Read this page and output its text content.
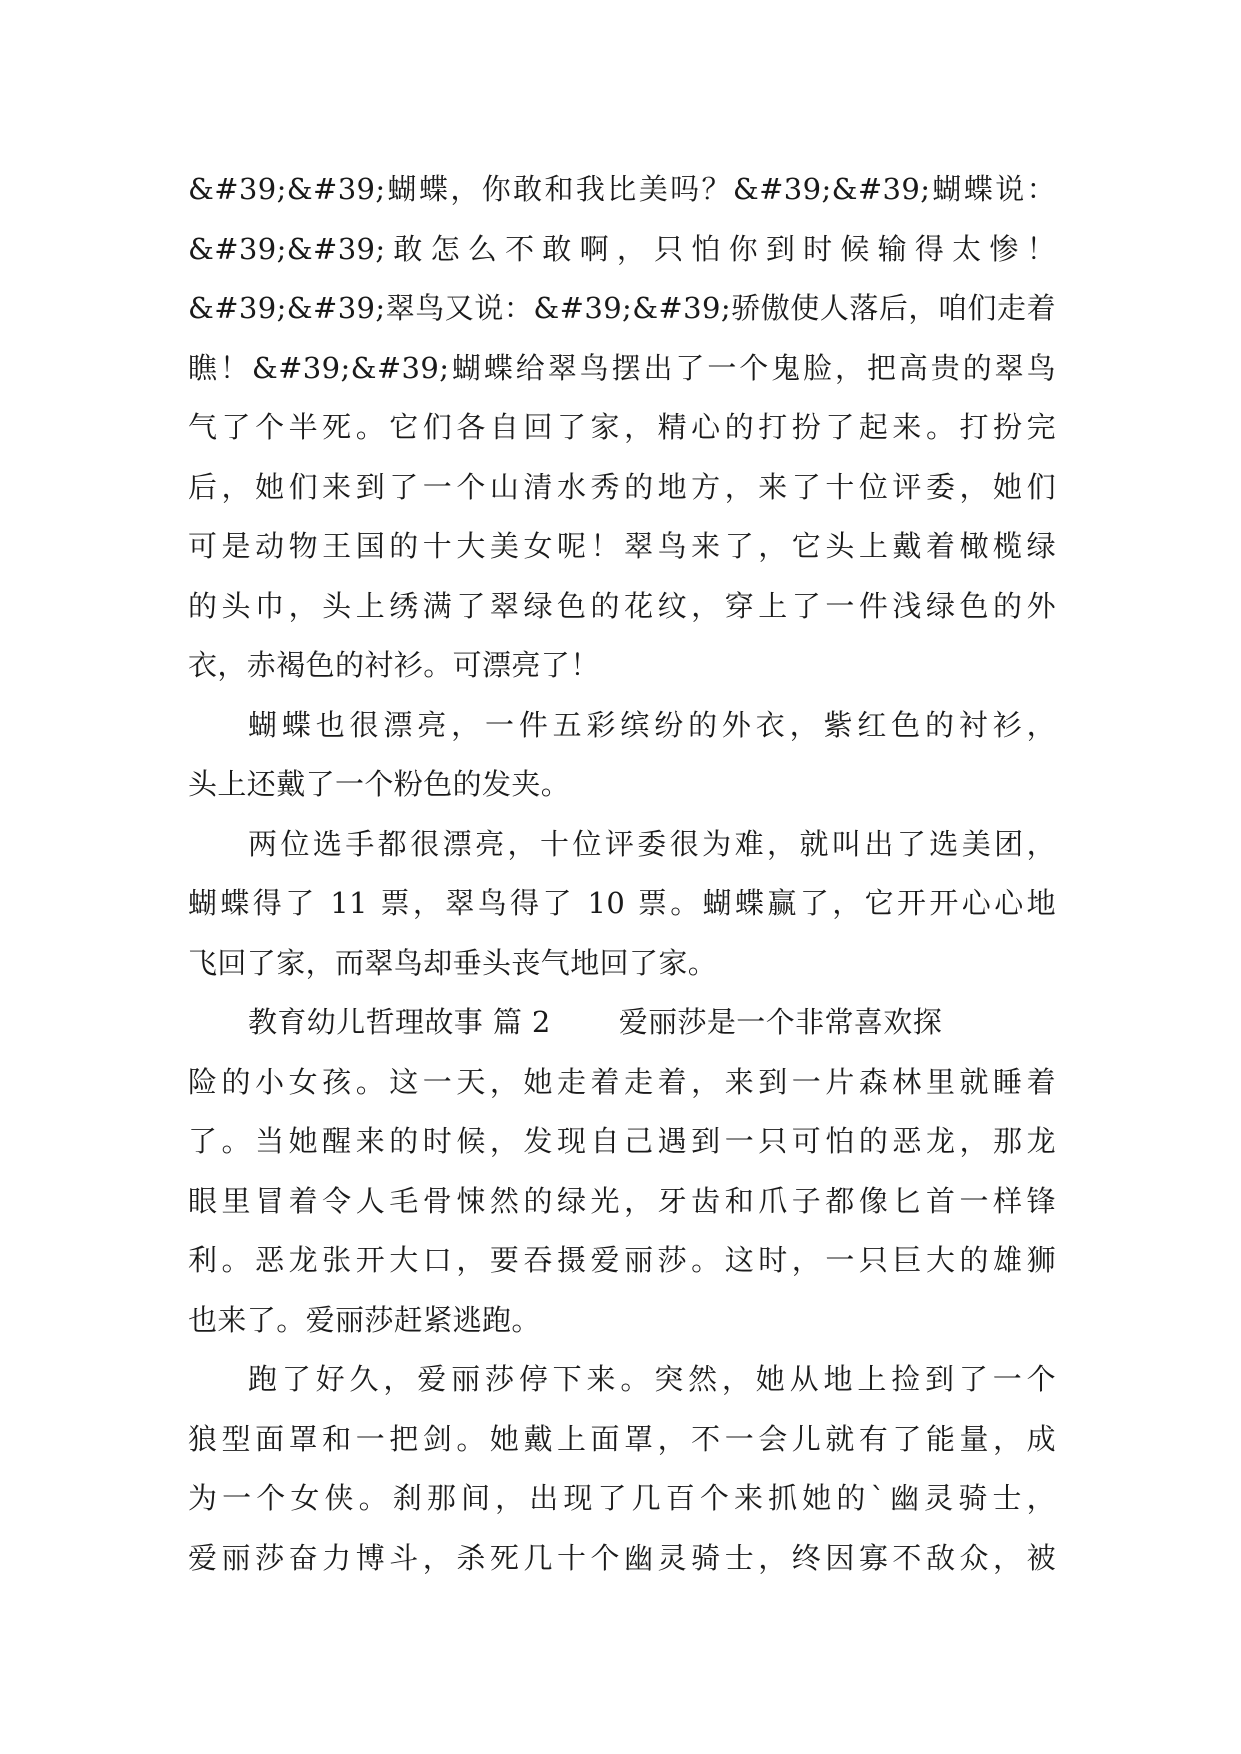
&#39;&#39;蝴蝶，你敢和我比美吗？&#39;&#39;蝴蝶说：
&#39;&#39;敢怎么不敢啊，只怕你到时候输得太惨！
&#39;&#39;翠鸟又说：&#39;&#39;骄傲使人落后，咱们走着
瞧！&#39;&#39;蝴蝶给翠鸟摆出了一个鬼脸，把高贵的翠鸟
气了个半死。它们各自回了家，精心的打扮了起来。打扮完
后，她们来到了一个山清水秀的地方，来了十位评委，她们
可是动物王国的十大美女呢！翠鸟来了，它头上戴着橄榄绿
的头巾，头上绣满了翠绿色的花纹，穿上了一件浅绿色的外
衣，赤褐色的衬衫。可漂亮了！
蝴蝶也很漂亮，一件五彩缤纷的外衣，紫红色的衬衫，
头上还戴了一个粉色的发夹。
两位选手都很漂亮，十位评委很为难，就叫出了选美团，
蝴蝶得了 11 票，翠鸟得了 10 票。蝴蝶赢了，它开开心心地
飞回了家，而翠鸟却垂头丧气地回了家。
教育幼儿哲理故事 篇 2 爱丽莎是一个非常喜欢探
险的小女孩。这一天，她走着走着，来到一片森林里就睡着
了。当她醒来的时候，发现自己遇到一只可怕的恶龙，那龙
眼里冒着令人毛骨悚然的绿光，牙齿和爪子都像匕首一样锋
利。恶龙张开大口，要吞摄爱丽莎。这时，一只巨大的雄狮
也来了。爱丽莎赶紧逃跑。
跑了好久，爱丽莎停下来。突然，她从地上捡到了一个
狼型面罩和一把剑。她戴上面罩，不一会儿就有了能量，成
为一个女侠。刹那间，出现了几百个来抓她的`幽灵骑士，
爱丽莎奋力博斗，杀死几十个幽灵骑士，终因寡不敌众，被
